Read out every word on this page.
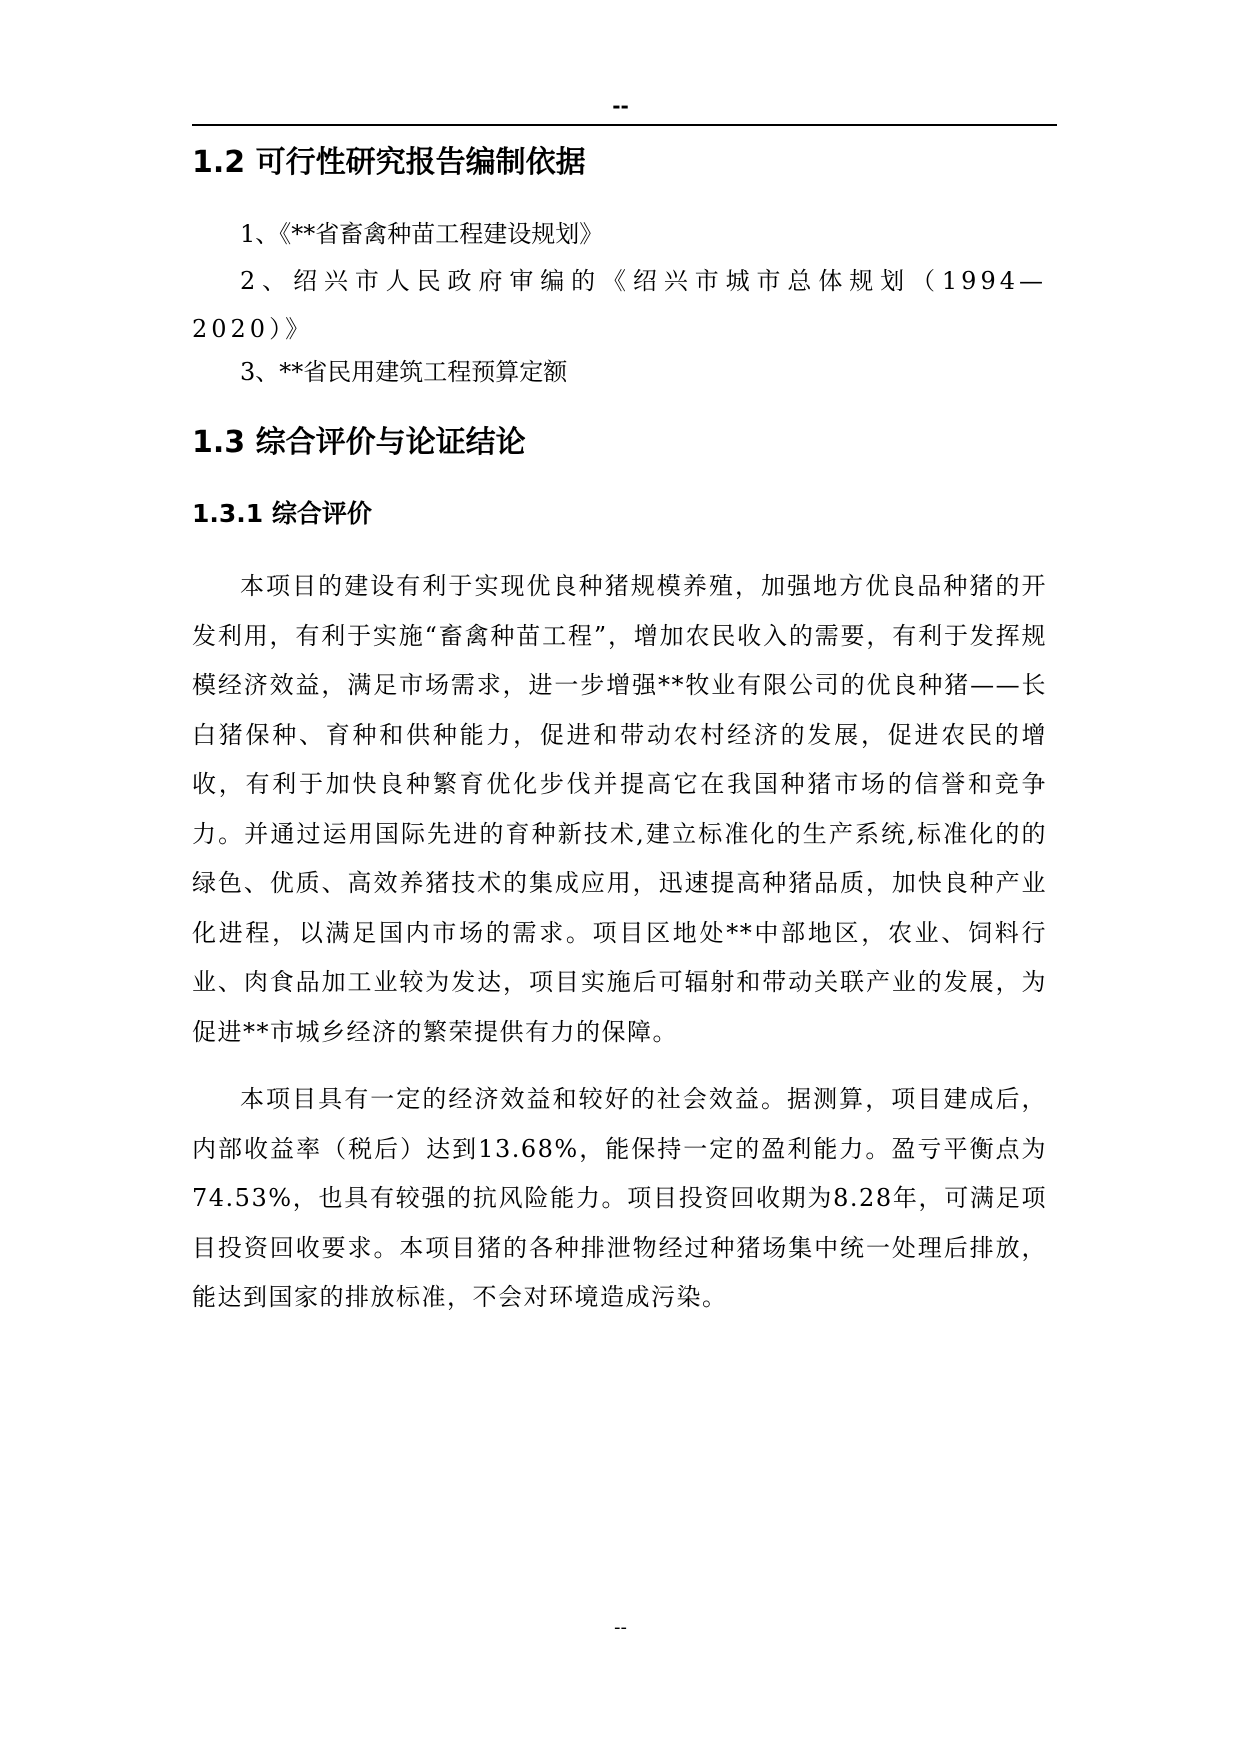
--
1.2 可行性研究报告编制依据
1、《**省畜禽种苗工程建设规划》
2、绍兴市人民政府审编的《绍兴市城市总体规划（1994—2020）》
3、**省民用建筑工程预算定额
1.3 综合评价与论证结论
1.3.1 综合评价

本项目的建设有利于实现优良种猪规模养殖，加强地方优良品种猪的开发利用，有利于实施“畜禽种苗工程”，增加农民收入的需要，有利于发挥规模经济效益，满足市场需求，进一步增强**牧业有限公司的优良种猪——长白猪保种、育种和供种能力，促进和带动农村经济的发展，促进农民的增收，有利于加快良种繁育优化步伐并提高它在我国种猪市场的信誉和竞争力。并通过运用国际先进的育种新技术,建立标准化的生产系统,标准化的的绿色、优质、高效养猪技术的集成应用，迅速提高种猪品质，加快良种产业化进程，以满足国内市场的需求。项目区地处**中部地区，农业、饲料行业、肉食品加工业较为发达，项目实施后可辐射和带动关联产业的发展，为促进**市城乡经济的繁荣提供有力的保障。

本项目具有一定的经济效益和较好的社会效益。据测算，项目建成后，内部收益率（税后）达到13.68%，能保持一定的盈利能力。盈亏平衡点为74.53%，也具有较强的抗风险能力。项目投资回收期为8.28年，可满足项目投资回收要求。本项目猪的各种排泄物经过种猪场集中统一处理后排放，能达到国家的排放标准，不会对环境造成污染。

--
